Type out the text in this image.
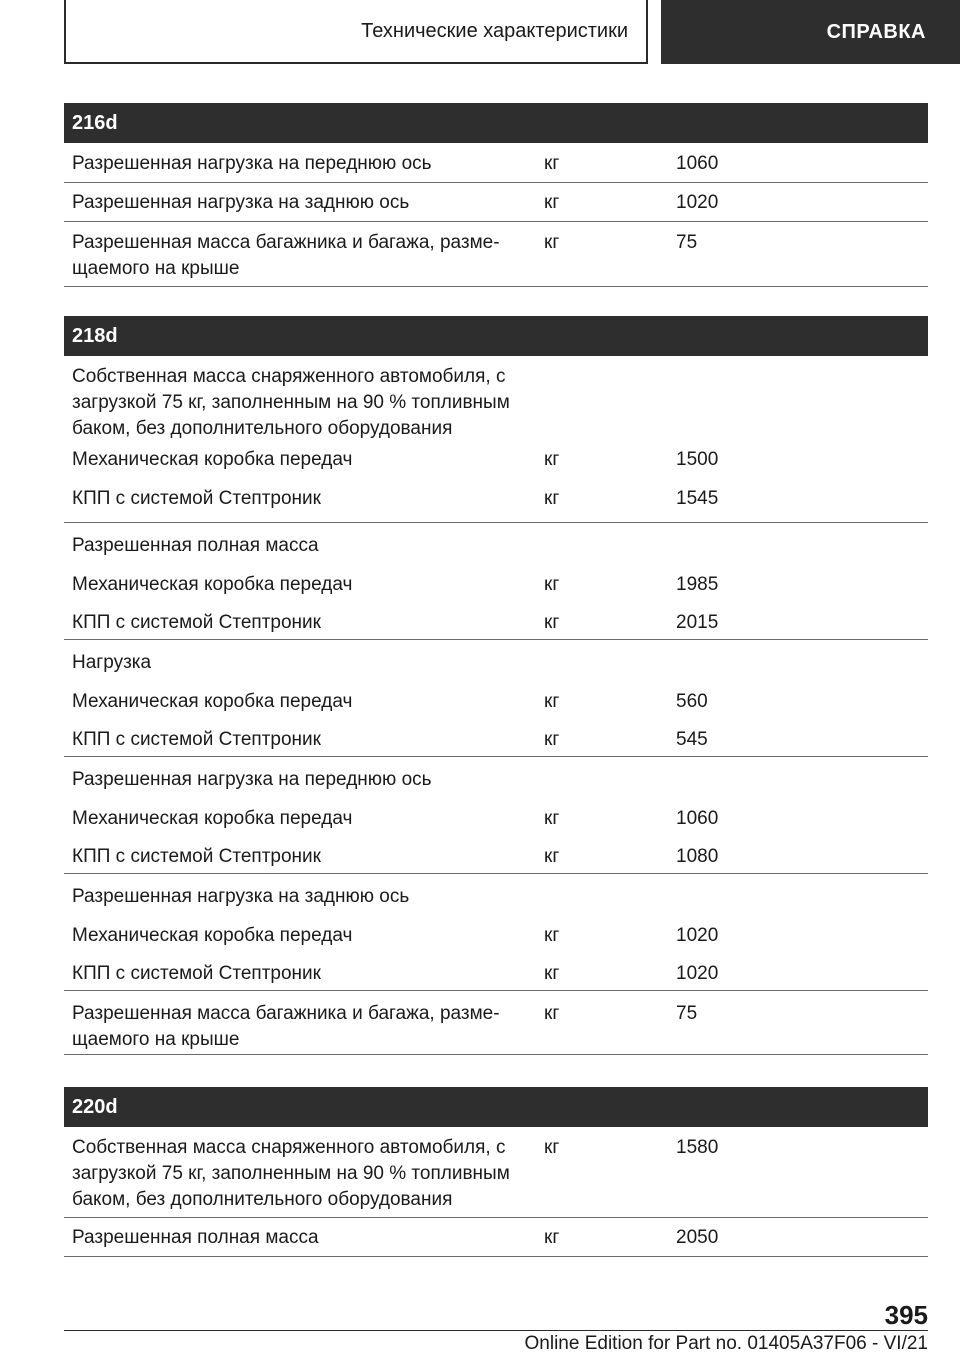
Технические характеристики	СПРАВКА
216d
Разрешенная нагрузка на переднюю ось	кг	1060
Разрешенная нагрузка на заднюю ось	кг	1020
Разрешенная масса багажника и багажа, разме-
щаемого на крыше
кг	75
218d
Собственная масса снаряженного автомобиля, с
загрузкой 75 кг, заполненным на 90 % топливным
баком, без дополнительного оборудования
Механическая коробка передач	кг	1500
КПП с системой Стептроник	кг	1545
Разрешенная полная масса
Механическая коробка передач	кг	1985
КПП с системой Стептроник	кг	2015
Нагрузка
Механическая коробка передач	кг	560
КПП с системой Стептроник	кг	545
Разрешенная нагрузка на переднюю ось
Механическая коробка передач	кг	1060
КПП с системой Стептроник	кг	1080
Разрешенная нагрузка на заднюю ось
Механическая коробка передач	кг	1020
КПП с системой Стептроник	кг	1020
Разрешенная масса багажника и багажа, разме-
щаемого на крыше
кг	75
220d
Собственная масса снаряженного автомобиля, с
загрузкой 75 кг, заполненным на 90 % топливным
баком, без дополнительного оборудования
кг	1580
Разрешенная полная масса	кг	2050
395
Online Edition for Part no. 01405A37F06 - VI/21
